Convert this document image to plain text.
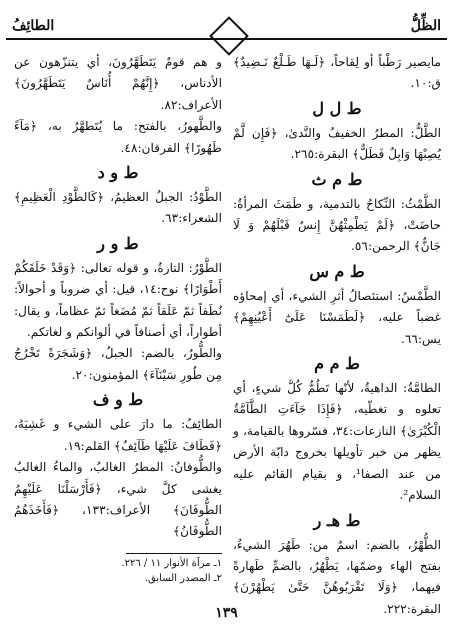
الطائِفُ	الظِّلُّ

مايصير رَطْباً أو لِقاحاً، ﴿لَـهَا طَـلْعٌ نَـضِيدٌ﴾ ق:١٠.

ط ل ل

الطَّلُّ: المطرُ الخفيفُ والنَّدىٰ، ﴿فَإِن لَّمْ يُصِبْهَا وَابِلٌ فَطَلٌّ﴾ البقرة:٢٦٥.

ط م ث

الطَّمْثُ: النِّكاحُ بالتدمية، و طَمَثَ المرأةُ: حاضَتْ، ﴿لَمْ يَطْمِثْهُنَّ إِنسٌ قَبْلَهُمْ وَ لَا جَانٌّ﴾ الرحمن:٥٦.

ط م س

الطَّمْسُ: استئصالُ أثرِ الشيء، أي إمحاؤه غضباً عليه، ﴿لَطَمَسْنَا عَلَىٰٓ أَعْيُنِهِمْ﴾ يس:٦٦.

ط م م

الطامَّةُ: الداهيةُ، لأنّها تَطُمُّ كُلَّ شيءٍ، أي تعلوه و تغطّيه، ﴿فَإِذَا جَآءَتِ الطَّآمَّةُ الْكُبْرَىٰ﴾ النازعات:٣٤، فسّروها بالقيامة، و يظهر من خبر تأويلها بخروج دابّة الأرض من عند الصفا¹، و بقيام القائم عليه السلام².

ط هـ ر

الطُّهْرُ، بالضم: اسمٌ من: طَهُرَ الشيءُ، بفتح الهاء وضمّها، يَطْهُرُ، بالضمِّ طَهارةً فيهما، ﴿وَلَا تَقْرَبُوهُنَّ حَتَّىٰ يَطْهُرْنَ﴾ البقرة:٢٢٢.

و هم قومٌ يَتَطَهَّرُونَ، أي يتنزّهون عن الأدناس، ﴿إِنَّهُمْ أُنَاسٌ يَتَطَهَّرُونَ﴾ الأعراف:٨٢.

والطَّهورُ، بالفتح: ما يُتَطهَّرُ به، ﴿مَآءً طَهُورًا﴾ الفرقان:٤٨.

ط و د

الطَّوْدُ: الجبلُ العظيمُ، ﴿كَالطَّوْدِ الْعَظِيمِ﴾ الشعراء:٦٣.

ط و ر

الطَّوْرُ: التارةُ، و قوله تعالى: ﴿وَقَدْ خَلَقَكُمْ أَطْوَارًا﴾ نوح:١٤، قيل: أي ضروباً و أحوالاً: نُطَفاً ثمّ عَلَقاً ثمّ مُضَغاً ثمّ عظاماً، و يقال: أطواراً، أي أصنافاً في ألوانكم و لغاتكم.

والطُّورُ، بالضم: الجبلُ، ﴿وَشَجَرَةً تَخْرُجُ مِن طُورِ سَيْنَآءَ﴾ المؤمنون:٢٠.

ط و ف

الطائِفُ: ما دارَ على الشيء و غَشِيَهُ، ﴿فَطَافَ عَلَيْهَا طَآئِفٌ﴾ القلم:١٩.

والطُّوفانُ: المطرُ الغالبُ، والماءُ الغالبُ يغشى كلَّ شيء، ﴿فَأَرْسَلْنَا عَلَيْهِمُ الطُّوفَانَ﴾ الأعراف:١٣٣، ﴿فَأَخَذَهُمُ الطُّوفَانُ﴾

١ـ مرآة الأنوار ١١ / ٢٢٦.
٢ـ المصدر السابق.
١٣٩
